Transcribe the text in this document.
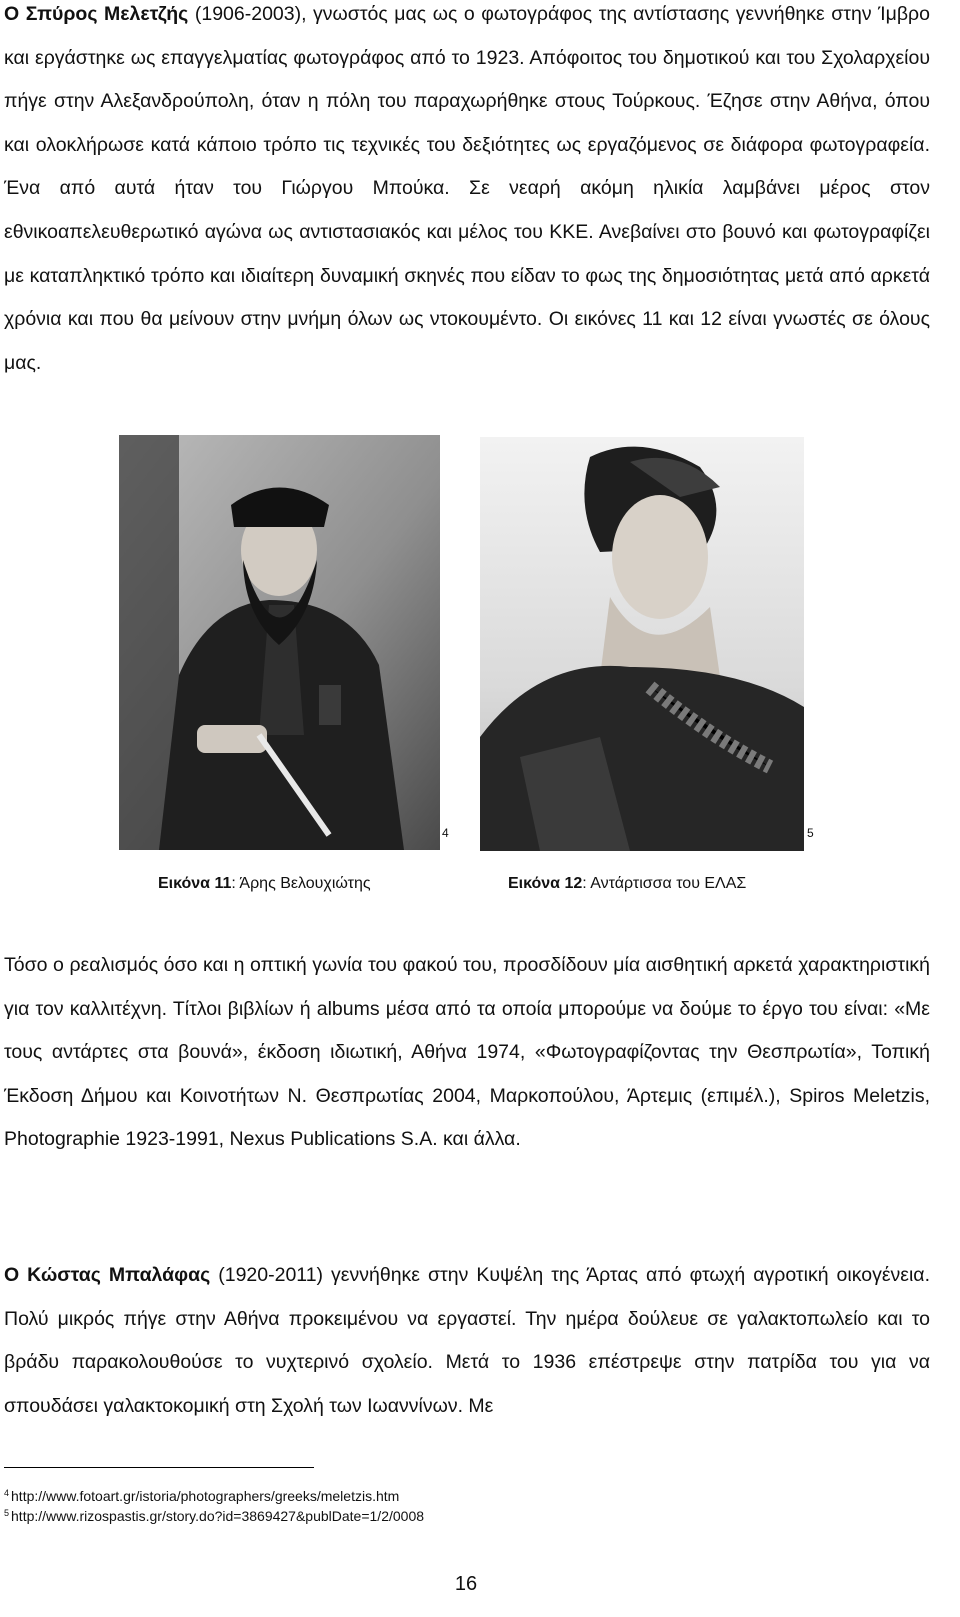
Ο Σπύρος Μελετζής (1906-2003), γνωστός μας ως ο φωτογράφος της αντίστασης γεννήθηκε στην Ίμβρο και εργάστηκε ως επαγγελματίας φωτογράφος από το 1923. Απόφοιτος του δημοτικού και του Σχολαρχείου πήγε στην Αλεξανδρούπολη, όταν η πόλη του παραχωρήθηκε στους Τούρκους. Έζησε στην Αθήνα, όπου και ολοκλήρωσε κατά κάποιο τρόπο τις τεχνικές του δεξιότητες ως εργαζόμενος σε διάφορα φωτογραφεία. Ένα από αυτά ήταν του Γιώργου Μπούκα. Σε νεαρή ακόμη ηλικία λαμβάνει μέρος στον εθνικοαπελευθερωτικό αγώνα ως αντιστασιακός και μέλος του ΚΚΕ. Ανεβαίνει στο βουνό και φωτογραφίζει με καταπληκτικό τρόπο και ιδιαίτερη δυναμική σκηνές που είδαν το φως της δημοσιότητας μετά από αρκετά χρόνια και που θα μείνουν στην μνήμη όλων ως ντοκουμέντο. Οι εικόνες 11 και 12 είναι γνωστές σε όλους μας.

4	5
Εικόνα 11: Άρης Βελουχιώτης	Εικόνα 12: Αντάρτισσα του ΕΛΑΣ

Τόσο ο ρεαλισμός όσο και η οπτική γωνία του φακού του, προσδίδουν μία αισθητική αρκετά χαρακτηριστική για τον καλλιτέχνη. Τίτλοι βιβλίων ή albums μέσα από τα οποία μπορούμε να δούμε το έργο του είναι: «Με τους αντάρτες στα βουνά», έκδοση ιδιωτική, Αθήνα 1974, «Φωτογραφίζοντας την Θεσπρωτία», Τοπική Έκδοση Δήμου και Κοινοτήτων Ν. Θεσπρωτίας 2004, Μαρκοπούλου, Άρτεμις (επιμέλ.), Spiros Meletzis, Photographie 1923-1991, Nexus Publications S.A. και άλλα.

Ο Κώστας Μπαλάφας (1920-2011) γεννήθηκε στην Κυψέλη της Άρτας από φτωχή αγροτική οικογένεια. Πολύ μικρός πήγε στην Αθήνα προκειμένου να εργαστεί. Την ημέρα δούλευε σε γαλακτοπωλείο και το βράδυ παρακολουθούσε το νυχτερινό σχολείο. Μετά το 1936 επέστρεψε στην πατρίδα του για να σπουδάσει γαλακτοκομική στη Σχολή των Ιωαννίνων. Με

$^4$ http://www.fotoart.gr/istoria/photographers/greeks/meletzis.htm
$^5$ http://www.rizospastis.gr/story.do?id=3869427&publDate=1/2/0008
16
